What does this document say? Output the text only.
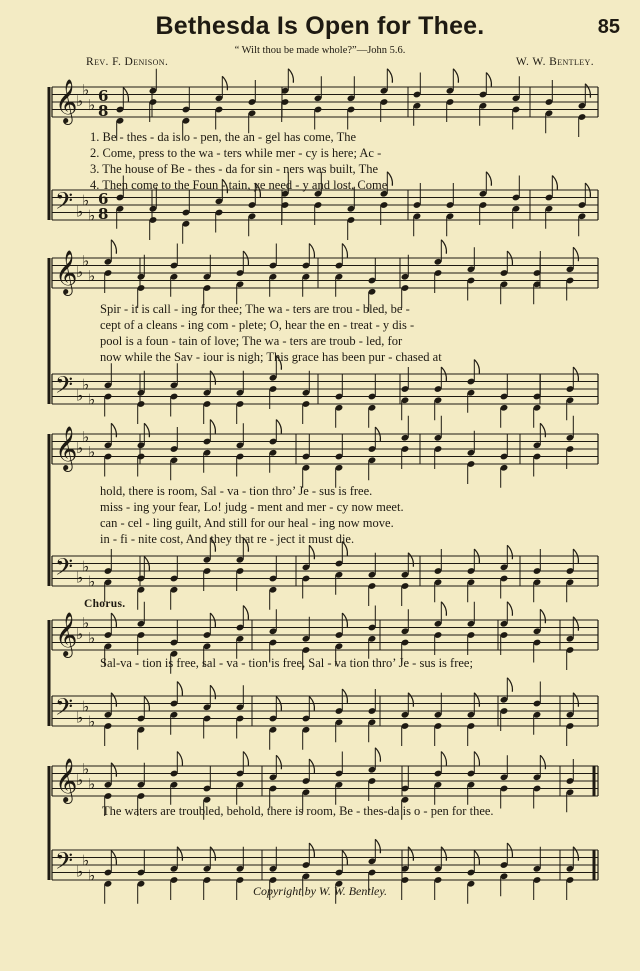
Bethesda Is Open for Thee.	85
“ Wilt thou be made whole?”—John 5.6.
Rev. F. Denison.	W. W. Bentley.
𝄞
♭
♭
♭ 6
8
𝄢 ♭
♭
♭
6
8
𝄞
♭
♭
♭
𝄢 ♭
♭
♭
𝄞
♭
♭
♭
𝄢 ♭
♭
♭
𝄞
♭
♭
♭
𝄢 ♭
♭
♭
𝄞
♭
♭
♭
𝄢 ♭
♭
♭
1. Be - thes - da is o - pen, the an - gel has come, The
2. Come, press to the wa - ters while mer - cy is here; Ac -
3. The house of Be - thes - da for sin - ners was built, The
4. Then come to the Foun - tain, ye need - y and lost, Come
Spir - it is call - ing for thee; The wa - ters are trou - bled, be -
cept of a cleans - ing com - plete; O, hear the en - treat - y dis -
pool is a foun - tain of love; The wa - ters are troub - led, for
now while the Sav - iour is nigh; This grace has been pur - chased at
hold, there is room, Sal - va - tion thro’ Je - sus is free.
miss - ing your fear, Lo! judg - ment and mer - cy now meet.
can - cel - ling guilt, And still for our heal - ing now move.
in - fi - nite cost, And they that re - ject it must die.
Chorus.
Sal-va - tion is free, sal - va - tion is free, Sal - va tion thro’ Je - sus is free;
The waters are troubled, behold, there is room, Be - thes-da is o - pen for thee.
Copyright by W. W. Bentley.
